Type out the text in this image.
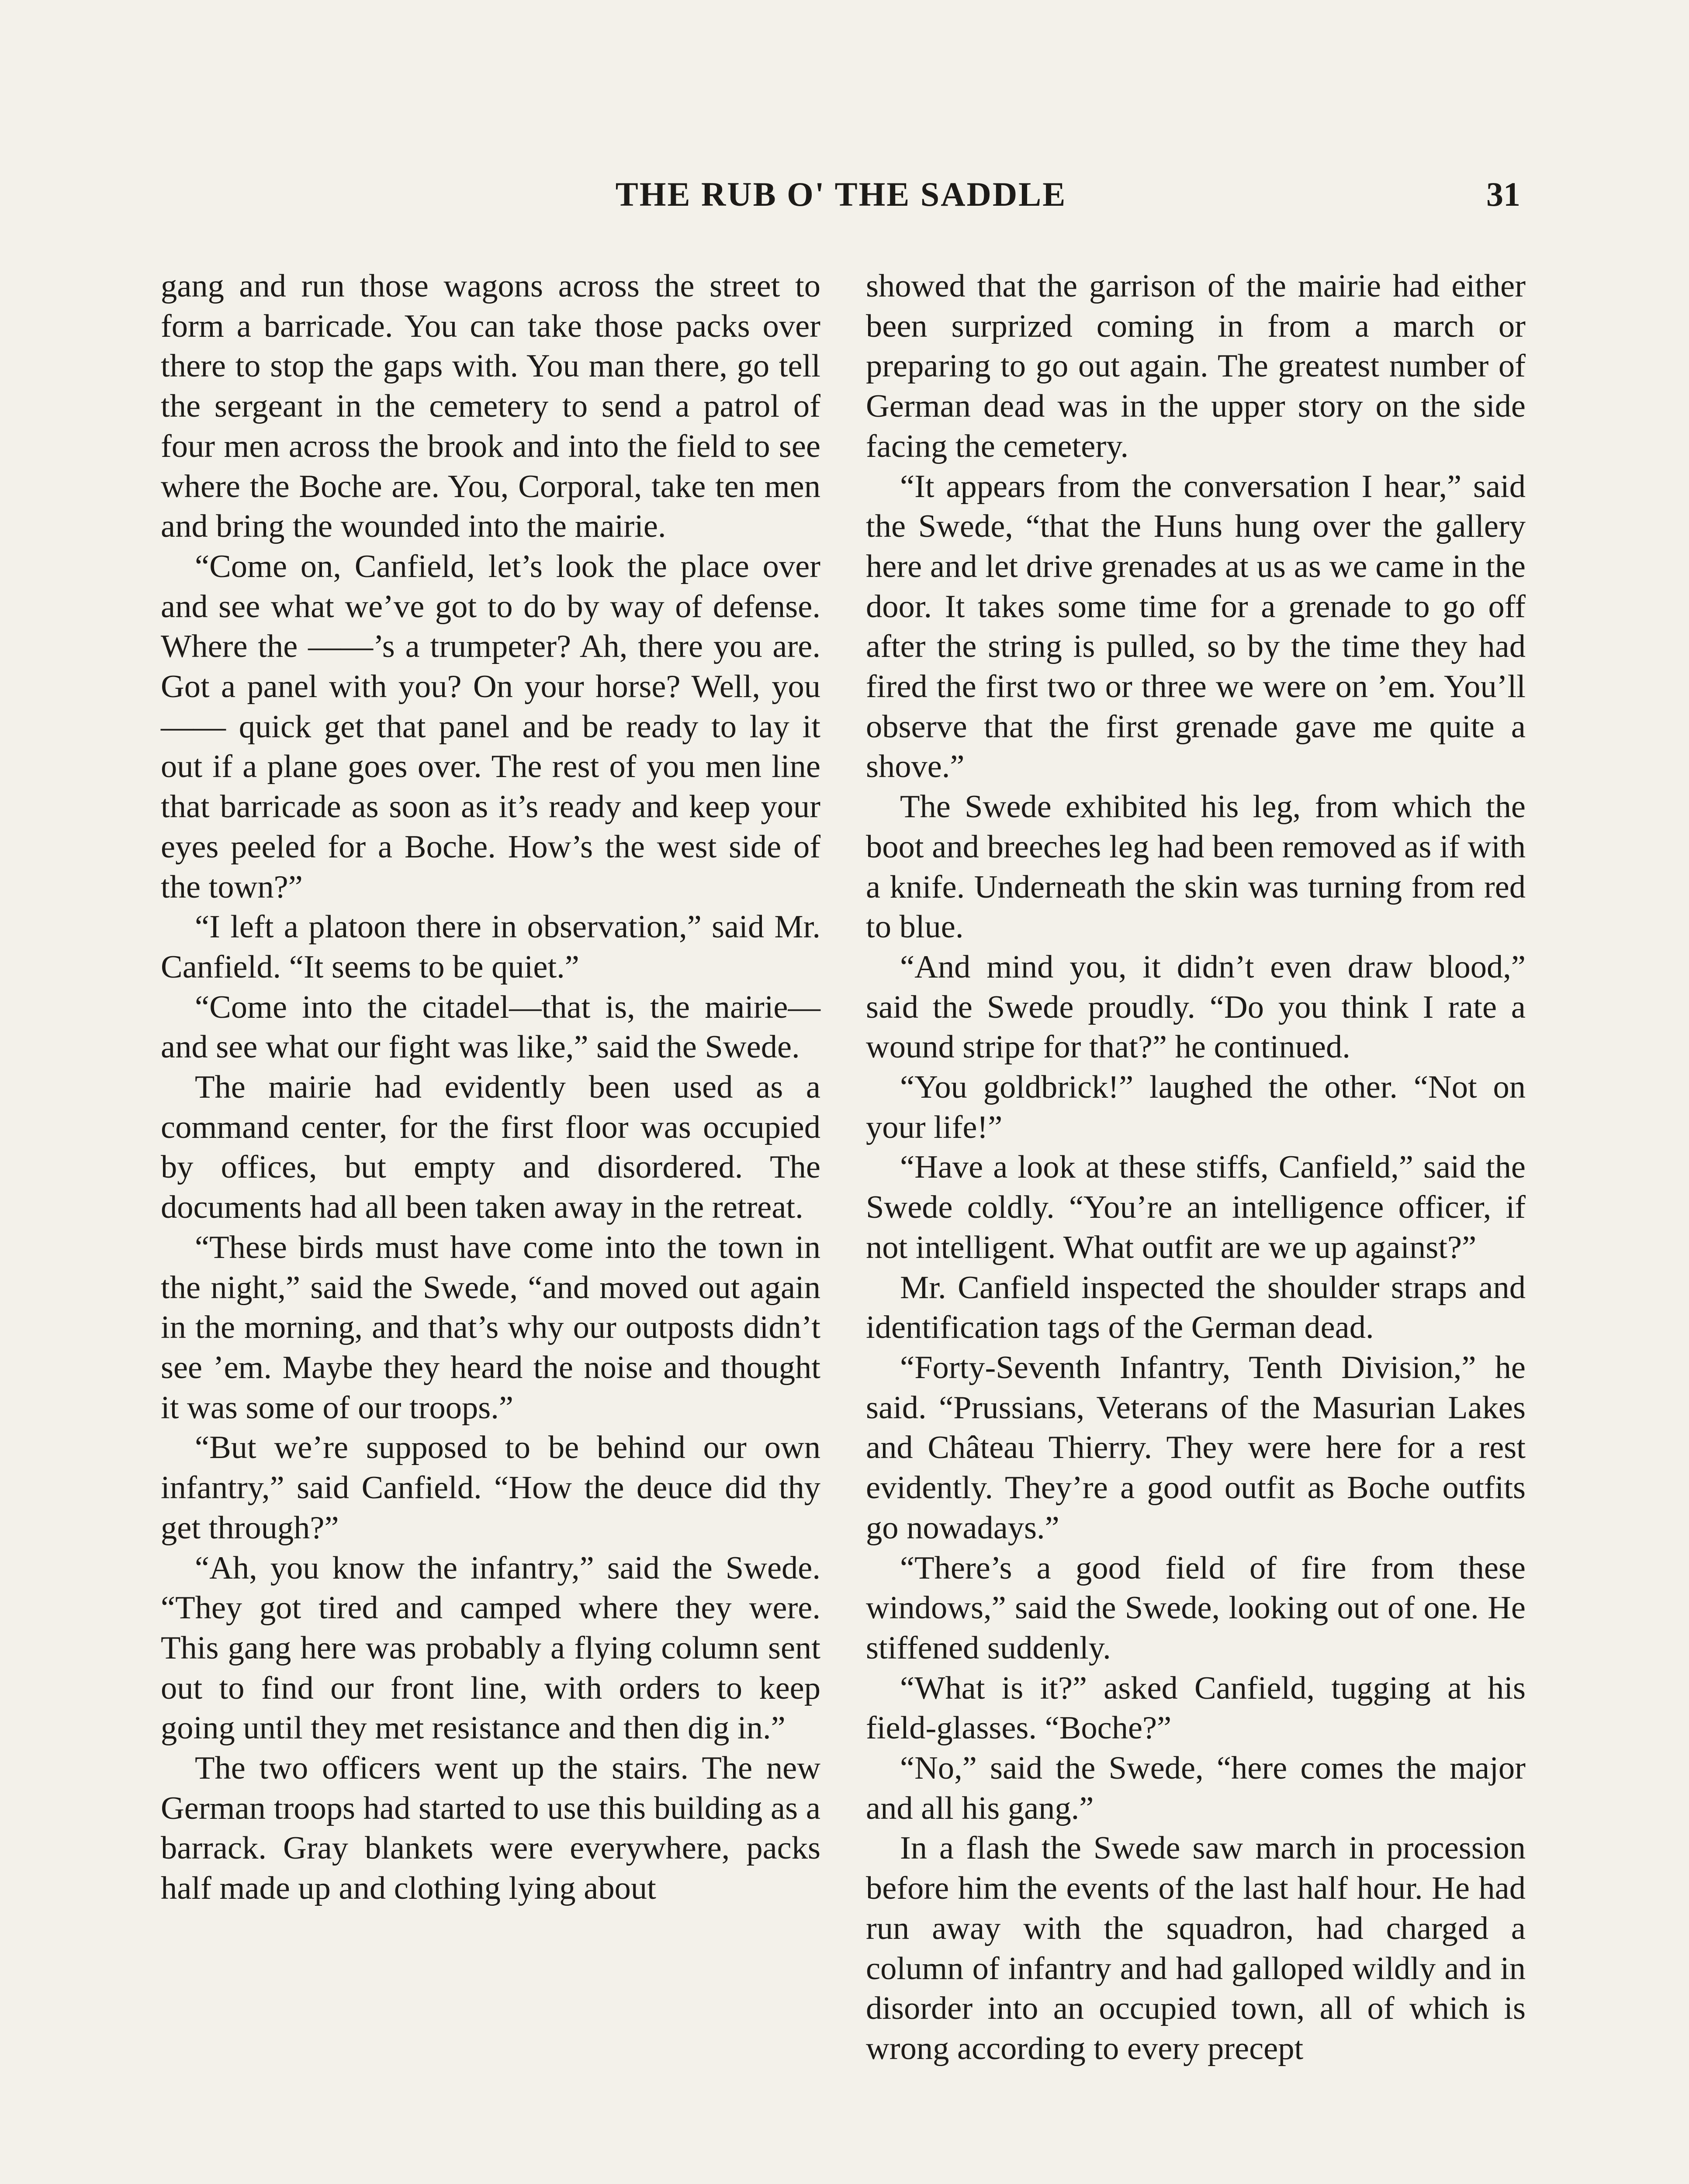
THE RUB O' THE SADDLE	31

gang and run those wagons across the street to form a barricade. You can take those packs over there to stop the gaps with. You man there, go tell the sergeant in the cemetery to send a patrol of four men across the brook and into the field to see where the Boche are. You, Corporal, take ten men and bring the wounded into the mairie.

“Come on, Canfield, let’s look the place over and see what we’ve got to do by way of defense. Where the ——’s a trumpeter? Ah, there you are. Got a panel with you? On your horse? Well, you —— quick get that panel and be ready to lay it out if a plane goes over. The rest of you men line that barricade as soon as it’s ready and keep your eyes peeled for a Boche. How’s the west side of the town?”

“I left a platoon there in observation,” said Mr. Canfield. “It seems to be quiet.”

“Come into the citadel—that is, the mairie—and see what our fight was like,” said the Swede.

The mairie had evidently been used as a command center, for the first floor was occupied by offices, but empty and disordered. The documents had all been taken away in the retreat.

“These birds must have come into the town in the night,” said the Swede, “and moved out again in the morning, and that’s why our outposts didn’t see ’em. Maybe they heard the noise and thought it was some of our troops.”

“But we’re supposed to be behind our own infantry,” said Canfield. “How the deuce did thy get through?”

“Ah, you know the infantry,” said the Swede. “They got tired and camped where they were. This gang here was probably a flying column sent out to find our front line, with orders to keep going until they met resistance and then dig in.”

The two officers went up the stairs. The new German troops had started to use this building as a barrack. Gray blankets were everywhere, packs half made up and clothing lying about

showed that the garrison of the mairie had either been surprized coming in from a march or preparing to go out again. The greatest number of German dead was in the upper story on the side facing the cemetery.

“It appears from the conversation I hear,” said the Swede, “that the Huns hung over the gallery here and let drive grenades at us as we came in the door. It takes some time for a grenade to go off after the string is pulled, so by the time they had fired the first two or three we were on ’em. You’ll observe that the first grenade gave me quite a shove.”

The Swede exhibited his leg, from which the boot and breeches leg had been removed as if with a knife. Underneath the skin was turning from red to blue.

“And mind you, it didn’t even draw blood,” said the Swede proudly. “Do you think I rate a wound stripe for that?” he continued.

“You goldbrick!” laughed the other. “Not on your life!”

“Have a look at these stiffs, Canfield,” said the Swede coldly. “You’re an intelligence officer, if not intelligent. What outfit are we up against?”

Mr. Canfield inspected the shoulder straps and identification tags of the German dead.

“Forty-Seventh Infantry, Tenth Division,” he said. “Prussians, Veterans of the Masurian Lakes and Château Thierry. They were here for a rest evidently. They’re a good outfit as Boche outfits go nowadays.”

“There’s a good field of fire from these windows,” said the Swede, looking out of one. He stiffened suddenly.

“What is it?” asked Canfield, tugging at his field-glasses. “Boche?”

“No,” said the Swede, “here comes the major and all his gang.”

In a flash the Swede saw march in procession before him the events of the last half hour. He had run away with the squadron, had charged a column of infantry and had galloped wildly and in disorder into an occupied town, all of which is wrong according to every precept
